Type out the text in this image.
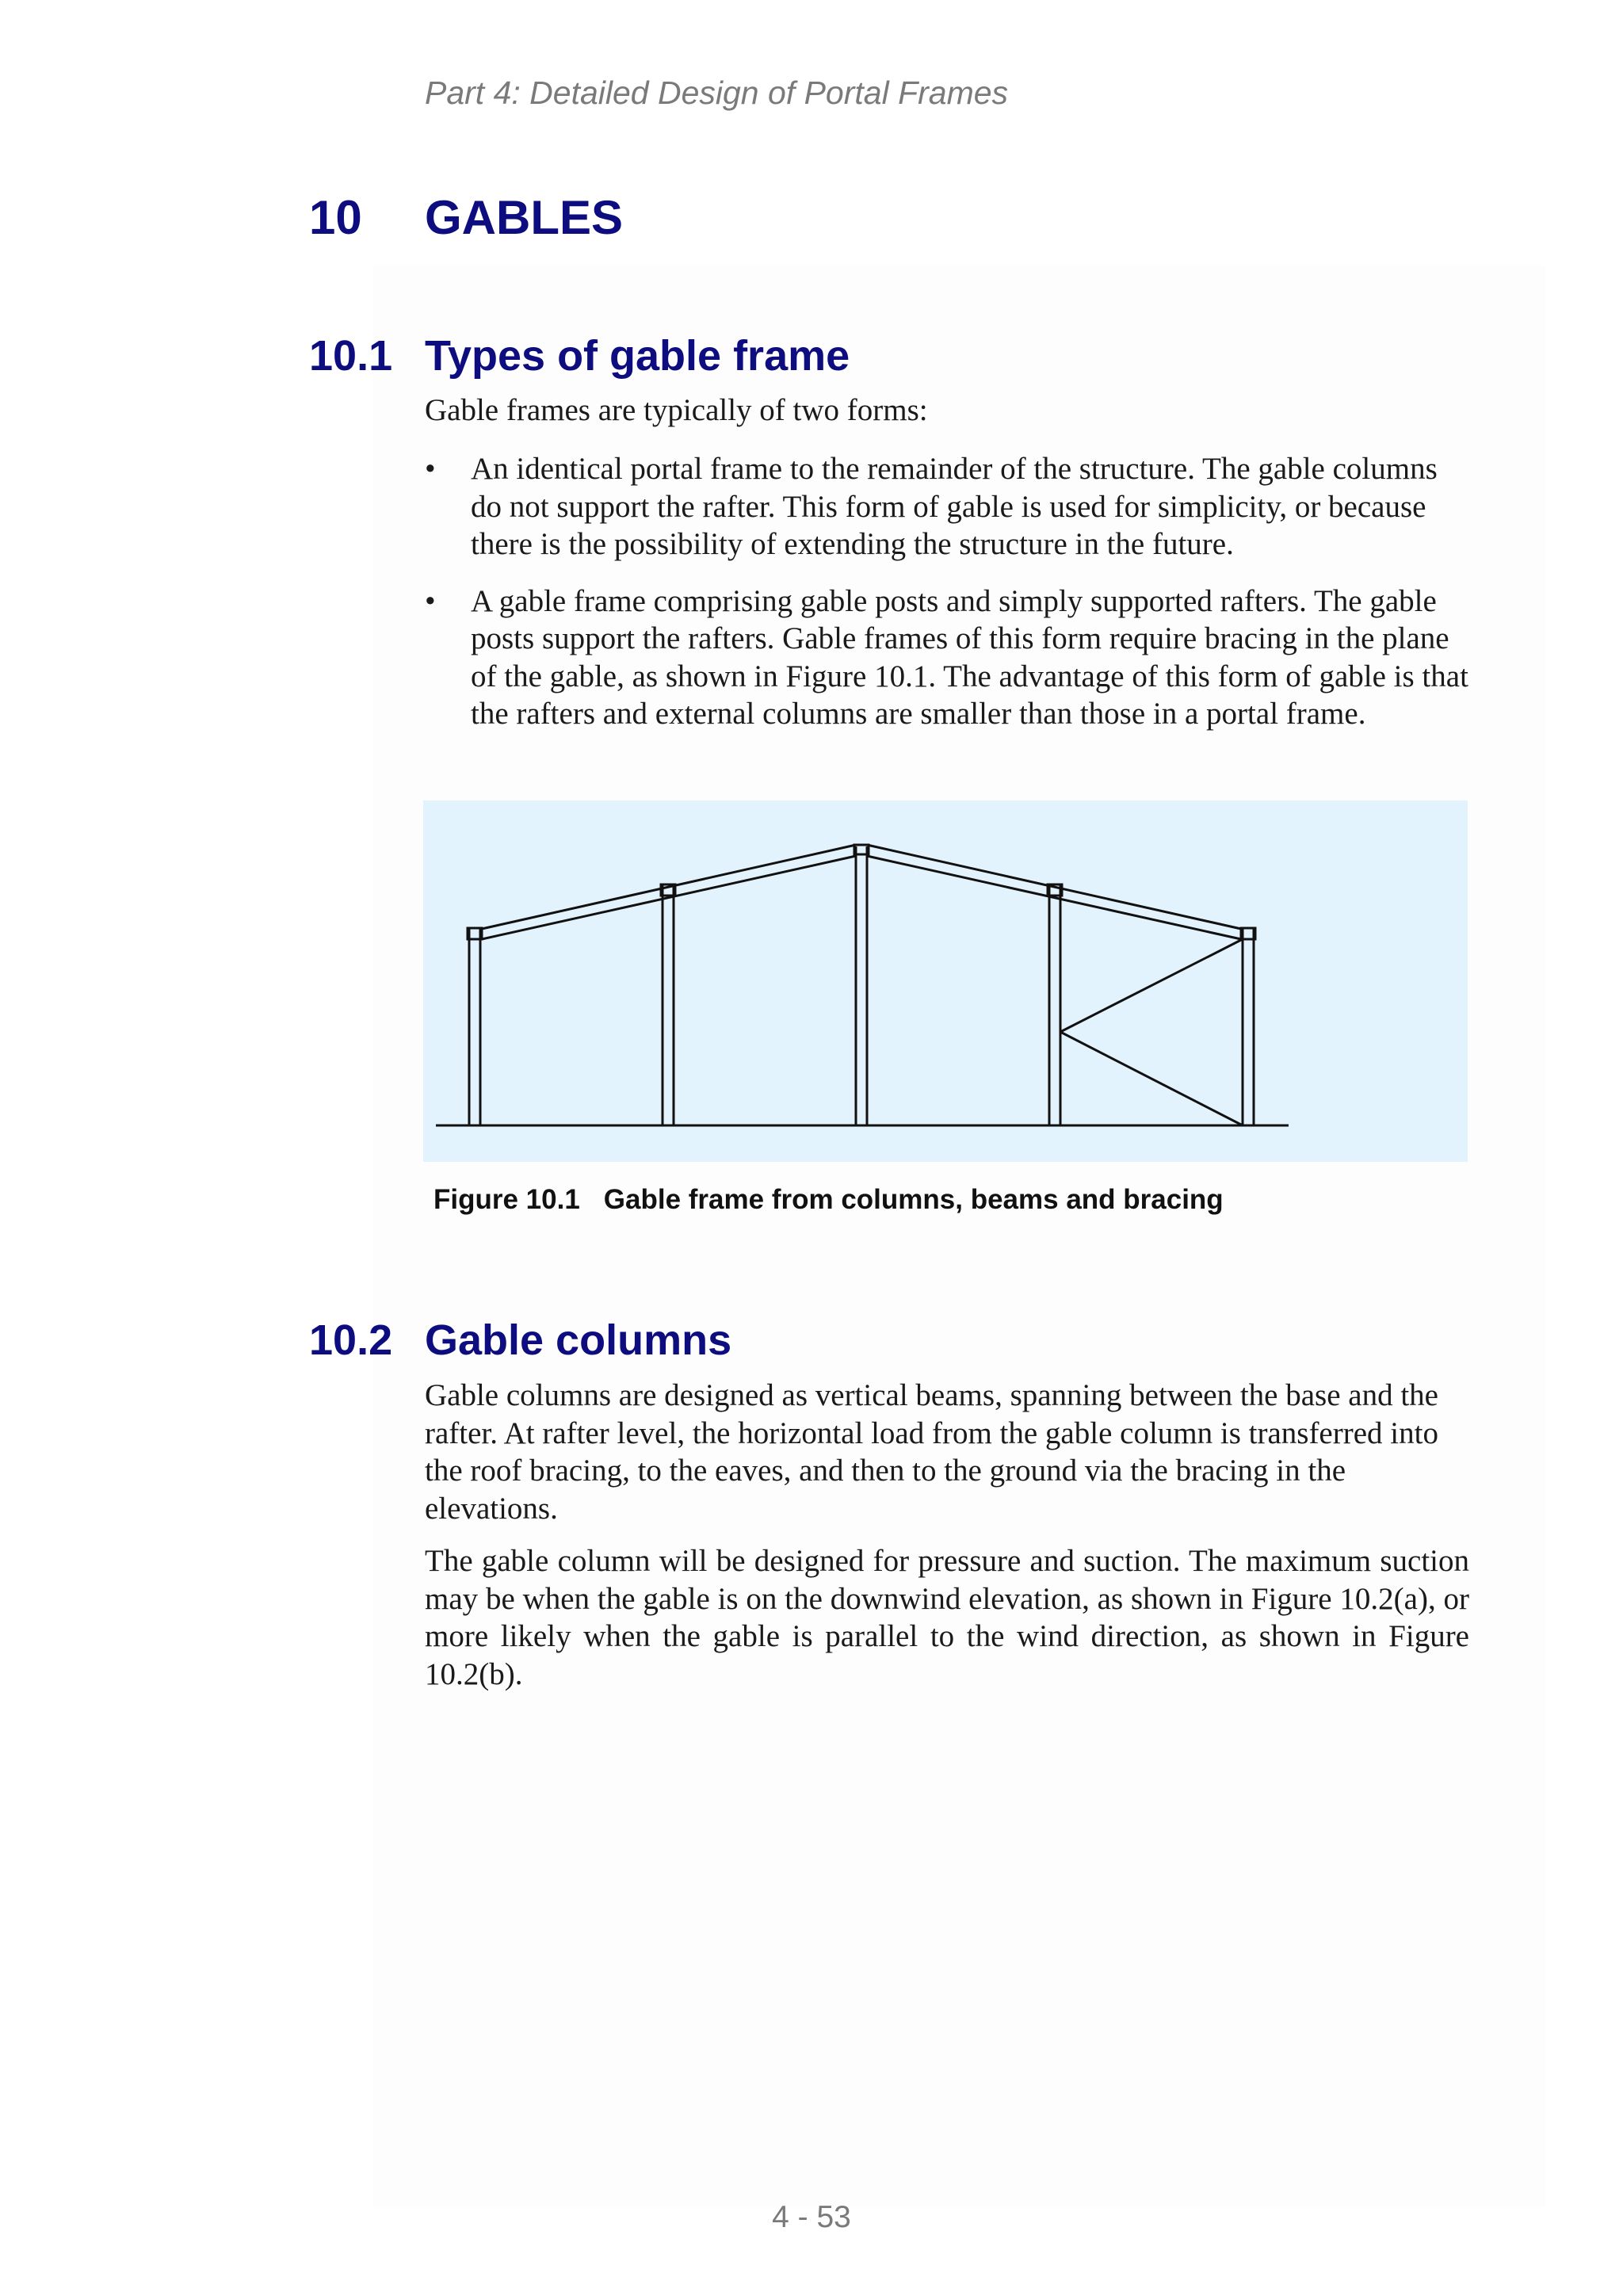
Part 4: Detailed Design of Portal Frames
10 GABLES
10.1 Types of gable frame

Gable frames are typically of two forms:

• An identical portal frame to the remainder of the structure. The gable columns do not support the rafter. This form of gable is used for simplicity, or because there is the possibility of extending the structure in the future.
• A gable frame comprising gable posts and simply supported rafters. The gable posts support the rafters. Gable frames of this form require bracing in the plane of the gable, as shown in Figure 10.1. The advantage of this form of gable is that the rafters and external columns are smaller than those in a portal frame.
Figure 10.1 Gable frame from columns, beams and bracing
10.2 Gable columns

Gable columns are designed as vertical beams, spanning between the base and the rafter. At rafter level, the horizontal load from the gable column is transferred into the roof bracing, to the eaves, and then to the ground via the bracing in the elevations.

The gable column will be designed for pressure and suction. The maximum suction may be when the gable is on the downwind elevation, as shown in Figure 10.2(a), or more likely when the gable is parallel to the wind direction, as shown in Figure 10.2(b).

4 - 53
